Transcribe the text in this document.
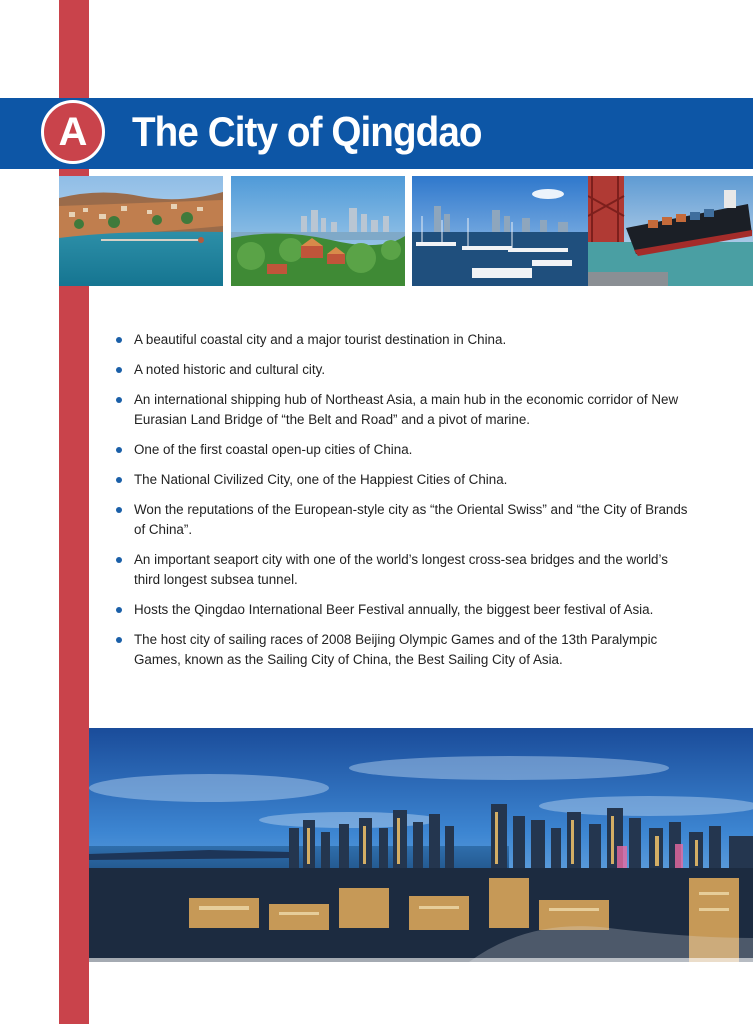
A	The City of Qingdao
A beautiful coastal city and a major tourist destination in China.
A noted historic and cultural city.
An international shipping hub of Northeast Asia, a main hub in the economic corridor of New Eurasian Land Bridge of “the Belt and Road” and a pivot of marine.
One of the first coastal open-up cities of China.
The National Civilized City, one of the Happiest Cities of China.
Won the reputations of the European-style city as “the Oriental Swiss” and “the City of Brands of China”.
An important seaport city with one of the world’s longest cross-sea bridges and the world’s third longest subsea tunnel.
Hosts the Qingdao International Beer Festival annually, the biggest beer festival of Asia.
The host city of sailing races of 2008 Beijing Olympic Games and of the 13th Paralympic Games, known as the Sailing City of China, the Best Sailing City of Asia.
